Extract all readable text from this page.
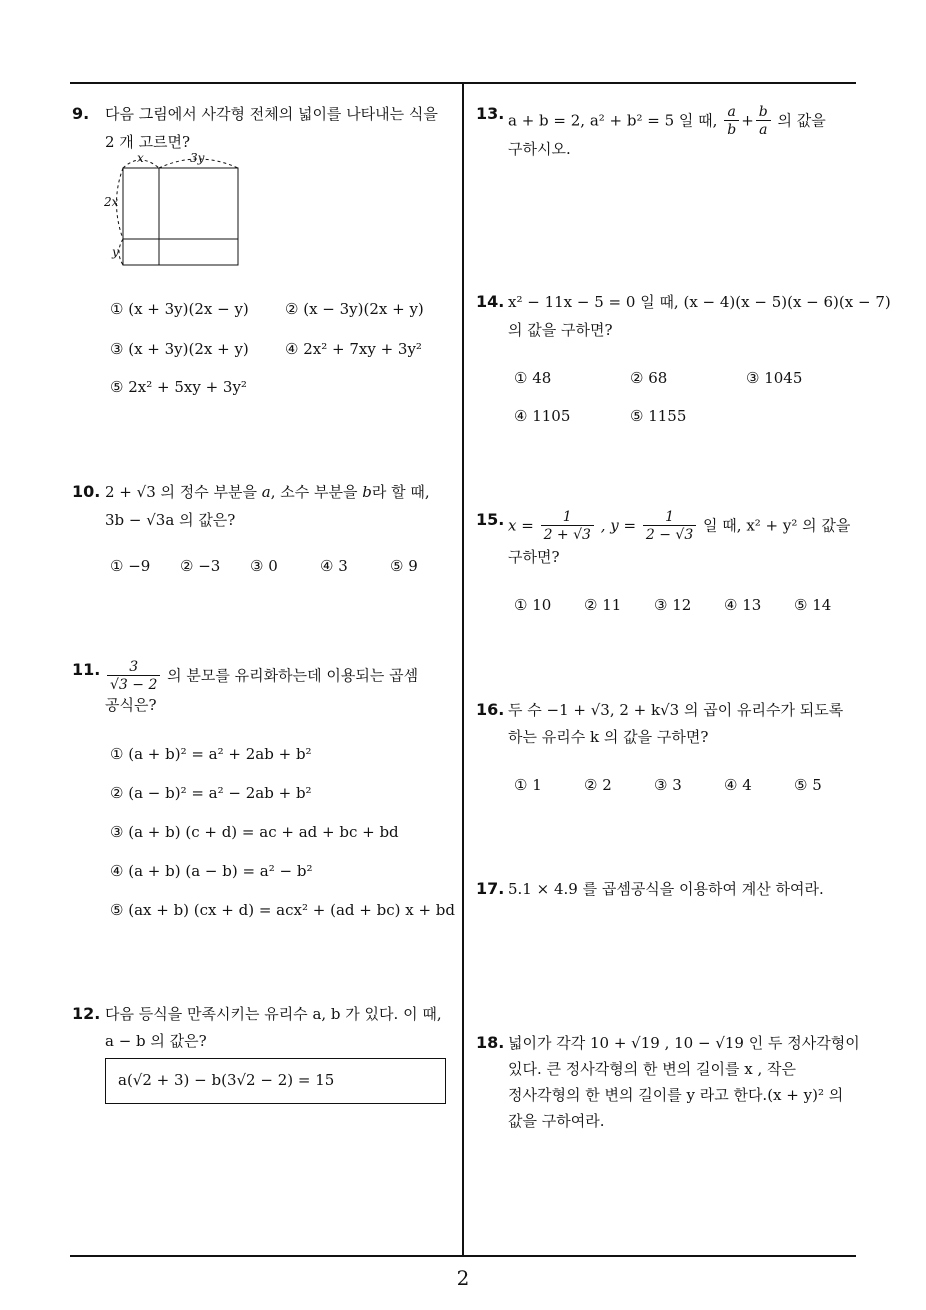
2
9. 다음 그림에서 사각형 전체의 넓이를 나타내는 식을
2 개 고르면?
x	3y
2x
y
① (x + 3y)(2x − y) ② (x − 3y)(2x + y)
③ (x + 3y)(2x + y) ④ 2x² + 7xy + 3y²
⑤ 2x² + 5xy + 3y²
10. 2 + √3 의 정수 부분을 a, 소수 부분을 b라 할 때,
3b − √3a 의 값은?
① −9 ② −3 ③ 0	④ 3	⑤ 9
11. $\frac{3}{√3 - 2}$ 의 분모를 유리화하는데 이용되는 곱셈
공식은?
① (a + b)² = a² + 2ab + b²
② (a − b)² = a² − 2ab + b²
③ (a + b) (c + d) = ac + ad + bc + bd
④ (a + b) (a − b) = a² − b²
⑤ (ax + b) (cx + d) = acx² + (ad + bc) x + bd
12. 다음 등식을 만족시키는 유리수 a, b 가 있다. 이 때,
a − b 의 값은?
a(√2 + 3) − b(3√2 − 2) = 15
13. a + b = 2, a² + b² = 5 일 때, $\frac{a}{b} + \frac{b}{a}$ 의 값을
구하시오.
14. x² − 11x − 5 = 0 일 때, (x − 4)(x − 5)(x − 6)(x − 7)
의 값을 구하면?
① 48	② 68	③ 1045
④ 1105	⑤ 1155
15. $x = \frac{1}{2 + √3}$ , $y = \frac{1}{2 - √3}$ 일 때, x² + y² 의 값을
구하면?
① 10 ② 11 ③ 12 ④ 13 ⑤ 14
16. 두 수 −1 + √3, 2 + k√3 의 곱이 유리수가 되도록
하는 유리수 k 의 값을 구하면?
① 1	② 2	③ 3	④ 4	⑤ 5
17. 5.1 × 4.9 를 곱셈공식을 이용하여 계산 하여라.
18. 넓이가 각각 10 + √19 , 10 − √19 인 두 정사각형이
있다. 큰 정사각형의 한 변의 길이를 x , 작은
정사각형의 한 변의 길이를 y 라고 한다.(x + y)² 의
값을 구하여라.
